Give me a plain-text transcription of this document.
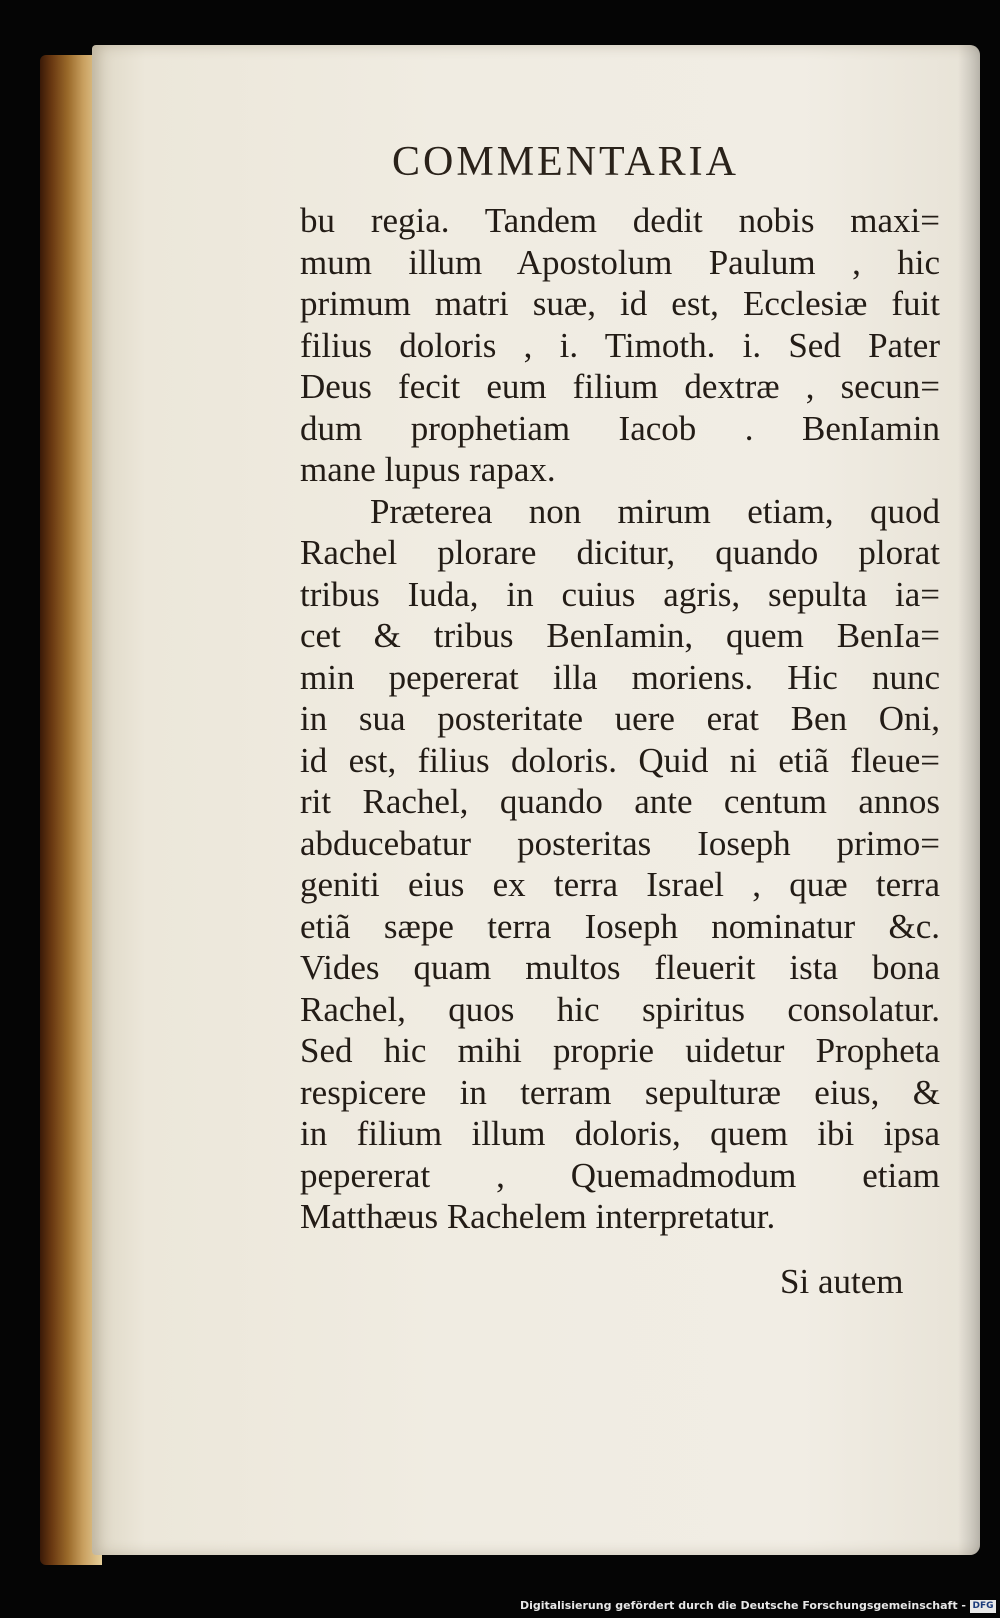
COMMENTARIA
bu regia. Tandem dedit nobis maxi=
mum illum Apostolum Paulum , hic
primum matri suæ, id est, Ecclesiæ fuit
filius doloris , i. Timoth. i. Sed Pater
Deus fecit eum filium dextræ , secun=
dum prophetiam Iacob . BenIamin
mane lupus rapax.
Præterea non mirum etiam, quod
Rachel plorare dicitur, quando plorat
tribus Iuda, in cuius agris, sepulta ia=
cet & tribus BenIamin, quem BenIa=
min pepererat illa moriens. Hic nunc
in sua posteritate uere erat Ben Oni,
id est, filius doloris. Quid ni etiã fleue=
rit Rachel, quando ante centum annos
abducebatur posteritas Ioseph primo=
geniti eius ex terra Israel , quæ terra
etiã sæpe terra Ioseph nominatur &c.
Vides quam multos fleuerit ista bona
Rachel, quos hic spiritus consolatur.
Sed hic mihi proprie uidetur Propheta
respicere in terram sepulturæ eius, &
in filium illum doloris, quem ibi ipsa
pepererat , Quemadmodum etiam
Matthæus Rachelem interpretatur.
Si autem
Digitalisierung gefördert durch die Deutsche Forschungsgemeinschaft - DFG
